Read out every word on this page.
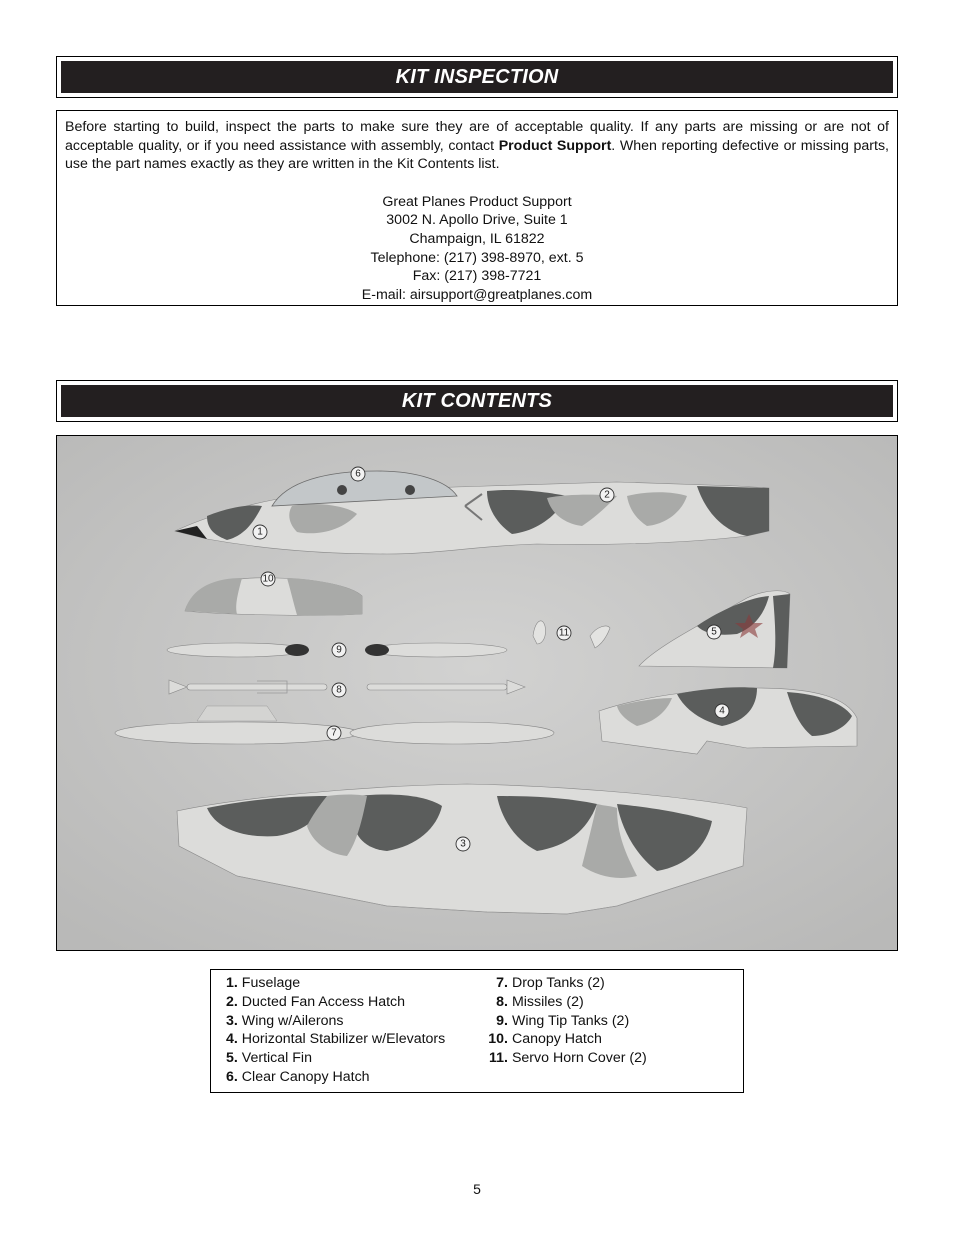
KIT INSPECTION

Before starting to build, inspect the parts to make sure they are of acceptable quality. If any parts are missing or are not of acceptable quality, or if you need assistance with assembly, contact Product Support. When reporting defective or missing parts, use the part names exactly as they are written in the Kit Contents list.

Great Planes Product Support
3002 N. Apollo Drive, Suite 1
Champaign, IL 61822
Telephone: (217) 398-8970, ext. 5
Fax: (217) 398-7721
E-mail: airsupport@greatplanes.com
KIT CONTENTS
1
2
3
4
5
6
7
8
9
10
11
1. Fuselage
2. Ducted Fan Access Hatch
3. Wing w/Ailerons
4. Horizontal Stabilizer w/Elevators
5. Vertical Fin
6. Clear Canopy Hatch
7. Drop Tanks (2)
8. Missiles (2)
9. Wing Tip Tanks (2)
10. Canopy Hatch
11. Servo Horn Cover (2)
5
